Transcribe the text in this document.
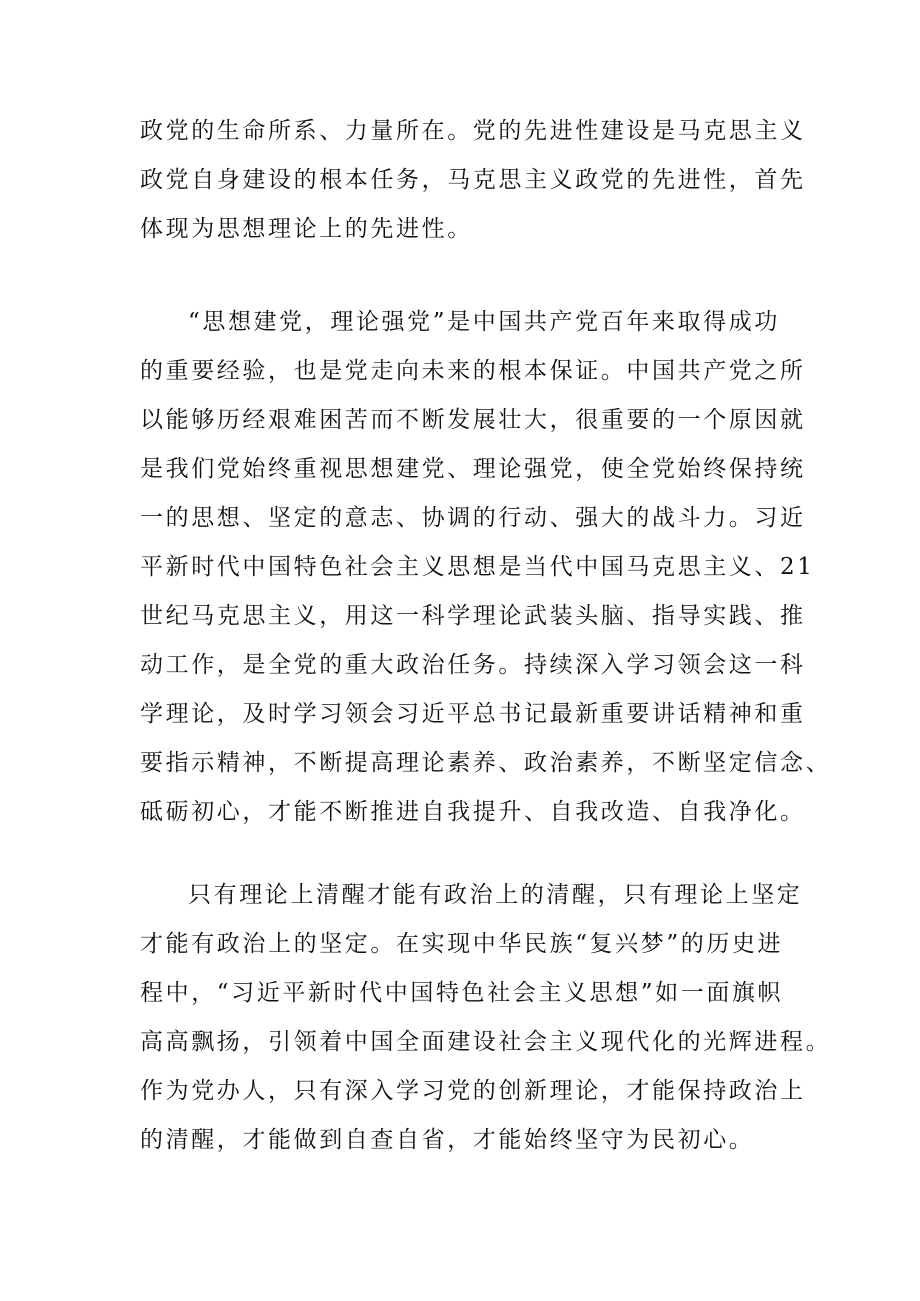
政党的生命所系、力量所在。党的先进性建设是马克思主义
政党自身建设的根本任务，马克思主义政党的先进性，首先
体现为思想理论上的先进性。
“思想建党，理论强党”是中国共产党百年来取得成功
的重要经验，也是党走向未来的根本保证。中国共产党之所
以能够历经艰难困苦而不断发展壮大，很重要的一个原因就
是我们党始终重视思想建党、理论强党，使全党始终保持统
一的思想、坚定的意志、协调的行动、强大的战斗力。习近
平新时代中国特色社会主义思想是当代中国马克思主义、21
世纪马克思主义，用这一科学理论武装头脑、指导实践、推
动工作，是全党的重大政治任务。持续深入学习领会这一科
学理论，及时学习领会习近平总书记最新重要讲话精神和重
要指示精神，不断提高理论素养、政治素养，不断坚定信念、
砥砺初心，才能不断推进自我提升、自我改造、自我净化。
只有理论上清醒才能有政治上的清醒，只有理论上坚定
才能有政治上的坚定。在实现中华民族“复兴梦”的历史进
程中，“习近平新时代中国特色社会主义思想”如一面旗帜
高高飘扬，引领着中国全面建设社会主义现代化的光辉进程。
作为党办人，只有深入学习党的创新理论，才能保持政治上
的清醒，才能做到自查自省，才能始终坚守为民初心。
